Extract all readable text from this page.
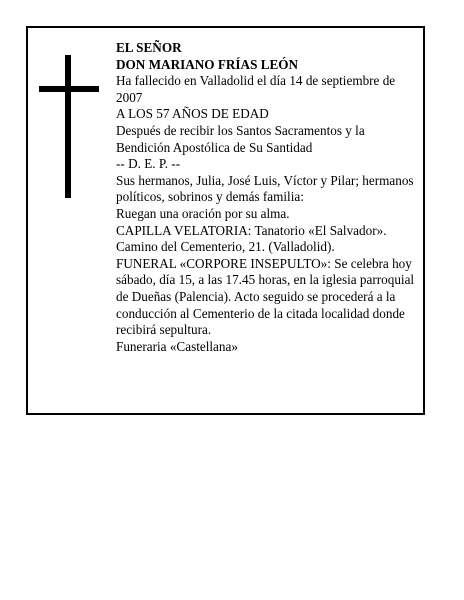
EL SEÑOR

DON MARIANO FRÍAS LEÓN

Ha fallecido en Valladolid el día 14 de septiembre de 2007

A LOS 57 AÑOS DE EDAD

Después de recibir los Santos Sacramentos y la Bendición Apostólica de Su Santidad

-- D. E. P. --

Sus hermanos, Julia, José Luis, Víctor y Pilar; hermanos políticos, sobrinos y demás familia:

Ruegan una oración por su alma.

CAPILLA VELATORIA: Tanatorio «El Salvador». Camino del Cementerio, 21. (Valladolid).

FUNERAL «CORPORE INSEPULTO»: Se celebra hoy sábado, día 15, a las 17.45 horas, en la iglesia parroquial de Dueñas (Palencia). Acto seguido se procederá a la conducción al Cementerio de la citada localidad donde recibirá sepultura.

Funeraria «Castellana»
